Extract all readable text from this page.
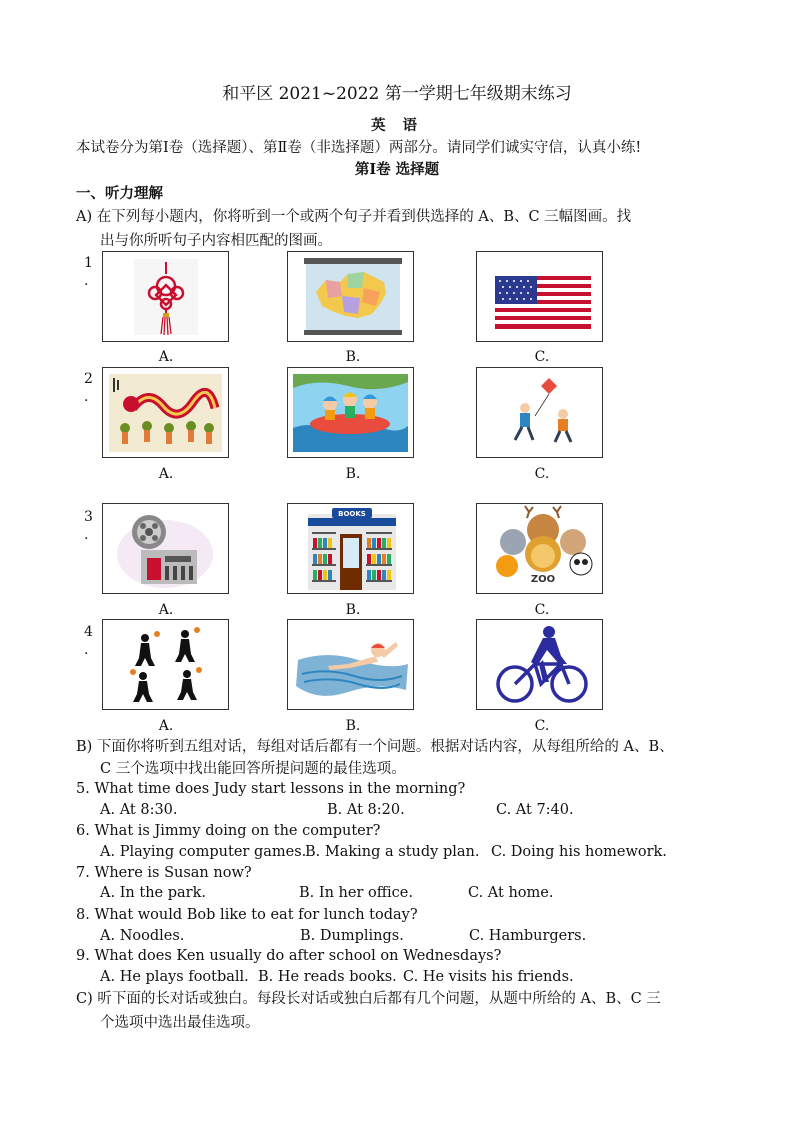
和平区 2021~2022 第一学期七年级期末练习
英 语
本试卷分为第Ⅰ卷（选择题）、第Ⅱ卷（非选择题）两部分。请同学们诚实守信，认真小练!
第Ⅰ卷 选择题
一、听力理解
A) 在下列每小题内，你将听到一个或两个句子并看到供选择的 A、B、C 三幅图画。找
出与你所听句子内容相匹配的图画。
1
.
A.	B.	C.
2
.
A.	B.	C.
3
.
A.
BOOKS
B.
ZOO
C.
4
.
A.	B.	C.
B) 下面你将听到五组对话，每组对话后都有一个问题。根据对话内容，从每组所给的 A、B、
C 三个选项中找出能回答所提问题的最佳选项。
5. What time does Judy start lessons in the morning?
A. At 8:30.	B. At 8:20.	C. At 7:40.
6. What is Jimmy doing on the computer?
A. Playing computer games.
B. Making a study plan. C. Doing his homework.
7. Where is Susan now?
A. In the park.	B. In her office.	C. At home.
8. What would Bob like to eat for lunch today?
A. Noodles.	B. Dumplings.	C. Hamburgers.
9. What does Ken usually do after school on Wednesdays?
A. He plays football. B. He reads books. C. He visits his friends.
C) 听下面的长对话或独白。每段长对话或独白后都有几个问题，从题中所给的 A、B、C 三
个选项中选出最佳选项。
